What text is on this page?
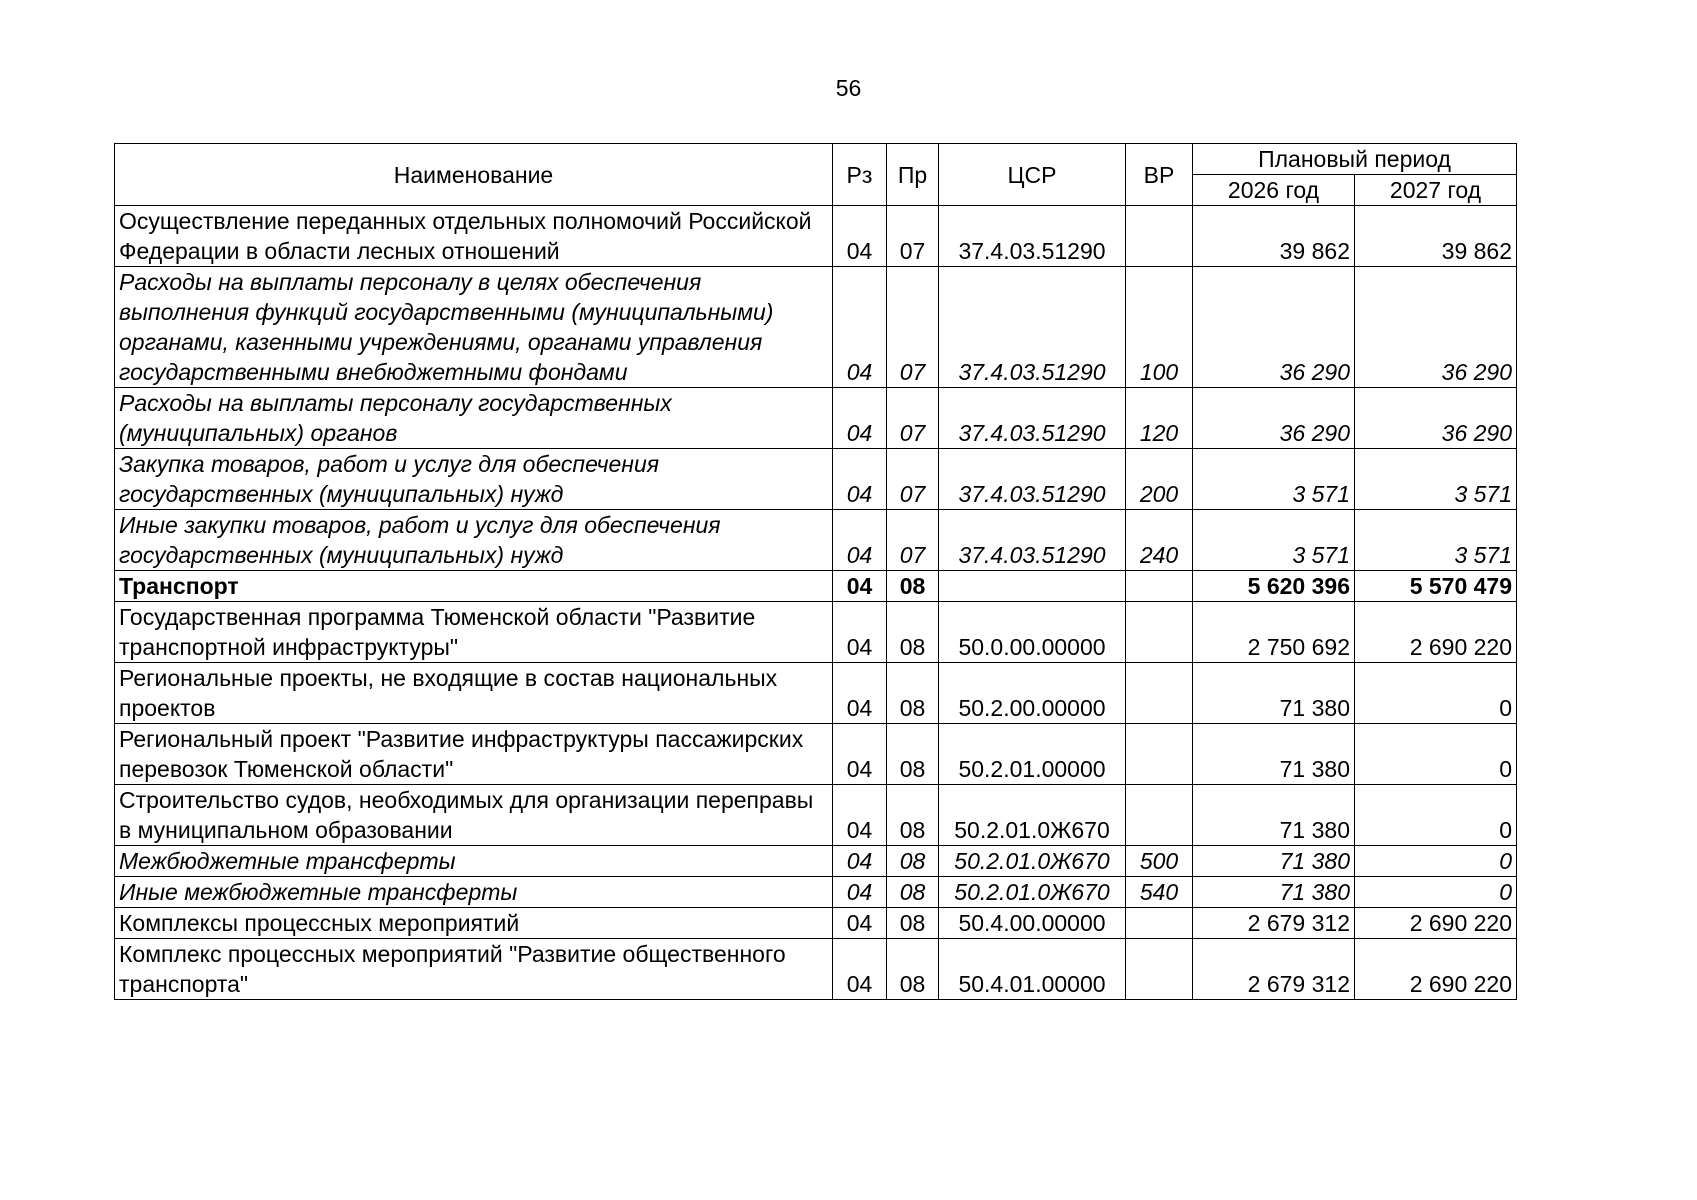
56
Наименование	Рз	Пр	ЦСР	ВР	Плановый период	
					2026 год	2027 год
Осуществление переданных отдельных полномочий Российской Федерации в области лесных отношений	04	07	37.4.03.51290		39 862	39 862
Расходы на выплаты персоналу в целях обеспечения выполнения функций государственными (муниципальными) органами, казенными учреждениями, органами управления государственными внебюджетными фондами	04	07	37.4.03.51290	100	36 290	36 290
Расходы на выплаты персоналу государственных (муниципальных) органов	04	07	37.4.03.51290	120	36 290	36 290
Закупка товаров, работ и услуг для обеспечения государственных (муниципальных) нужд	04	07	37.4.03.51290	200	3 571	3 571
Иные закупки товаров, работ и услуг для обеспечения государственных (муниципальных) нужд	04	07	37.4.03.51290	240	3 571	3 571
Транспорт	04	08			5 620 396	5 570 479
Государственная программа Тюменской области "Развитие транспортной инфраструктуры"	04	08	50.0.00.00000		2 750 692	2 690 220
Региональные проекты, не входящие в состав национальных проектов	04	08	50.2.00.00000		71 380	0
Региональный проект "Развитие инфраструктуры пассажирских перевозок Тюменской области"	04	08	50.2.01.00000		71 380	0
Строительство судов, необходимых для организации переправы в муниципальном образовании	04	08	50.2.01.0Ж670		71 380	0
Межбюджетные трансферты	04	08	50.2.01.0Ж670	500	71 380	0
Иные межбюджетные трансферты	04	08	50.2.01.0Ж670	540	71 380	0
Комплексы процессных мероприятий	04	08	50.4.00.00000		2 679 312	2 690 220
Комплекс процессных мероприятий "Развитие общественного транспорта"	04	08	50.4.01.00000		2 679 312	2 690 220
